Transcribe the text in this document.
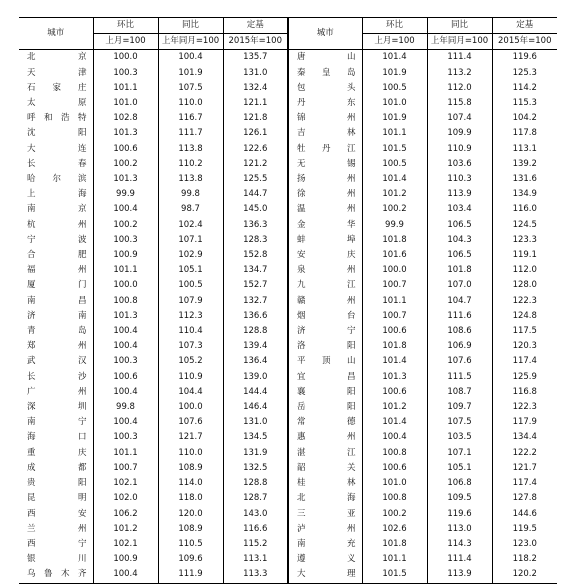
城市	环比	同比	定基	城市	环比	同比	定基
	上月=100	上年同月=100	2015年=100		上月=100	上年同月=100	2015年=100
北京	100.0	100.4	135.7	唐山	101.4	111.4	119.6
天津	100.3	101.9	131.0	秦皇岛	101.9	113.2	125.3
石家庄	101.1	107.5	132.4	包头	100.5	112.0	114.2
太原	101.0	110.0	121.1	丹东	101.0	115.8	115.3
呼和浩特	102.8	116.7	121.8	锦州	101.9	107.4	104.2
沈阳	101.3	111.7	126.1	吉林	101.1	109.9	117.8
大连	100.6	113.8	122.6	牡丹江	101.5	110.9	113.1
长春	100.2	110.2	121.2	无锡	100.5	103.6	139.2
哈尔滨	101.3	113.8	125.5	扬州	101.4	110.3	131.6
上海	99.9	99.8	144.7	徐州	101.2	113.9	134.9
南京	100.4	98.7	145.0	温州	100.2	103.4	116.0
杭州	100.2	102.4	136.3	金华	99.9	106.5	124.5
宁波	100.3	107.1	128.3	蚌埠	101.8	104.3	123.3
合肥	100.9	102.9	152.8	安庆	101.6	106.5	119.1
福州	101.1	105.1	134.7	泉州	100.0	101.8	112.0
厦门	100.0	100.5	152.7	九江	100.7	107.0	128.0
南昌	100.8	107.9	132.7	赣州	101.1	104.7	122.3
济南	101.3	112.3	136.6	烟台	100.7	111.6	124.8
青岛	100.4	110.4	128.8	济宁	100.6	108.6	117.5
郑州	100.4	107.3	139.4	洛阳	101.8	106.9	120.3
武汉	100.3	105.2	136.4	平顶山	101.4	107.6	117.4
长沙	100.6	110.9	139.0	宜昌	101.3	111.5	125.9
广州	100.4	104.4	144.4	襄阳	100.6	108.7	116.8
深圳	99.8	100.0	146.4	岳阳	101.2	109.7	122.3
南宁	100.4	107.6	131.0	常德	101.4	107.5	117.9
海口	100.3	121.7	134.5	惠州	100.4	103.5	134.4
重庆	101.1	110.0	131.9	湛江	100.8	107.1	122.2
成都	100.7	108.9	132.5	韶关	100.6	105.1	121.7
贵阳	102.1	114.0	128.8	桂林	101.0	106.8	117.4
昆明	102.0	118.0	128.7	北海	100.8	109.5	127.8
西安	106.2	120.0	143.0	三亚	100.2	119.6	144.6
兰州	101.2	108.9	116.6	泸州	102.6	113.0	119.5
西宁	102.1	110.5	115.2	南充	101.8	114.3	123.0
银川	100.9	109.6	113.1	遵义	101.1	111.4	118.2
乌鲁木齐	100.4	111.9	113.3	大理	101.5	113.9	120.2
